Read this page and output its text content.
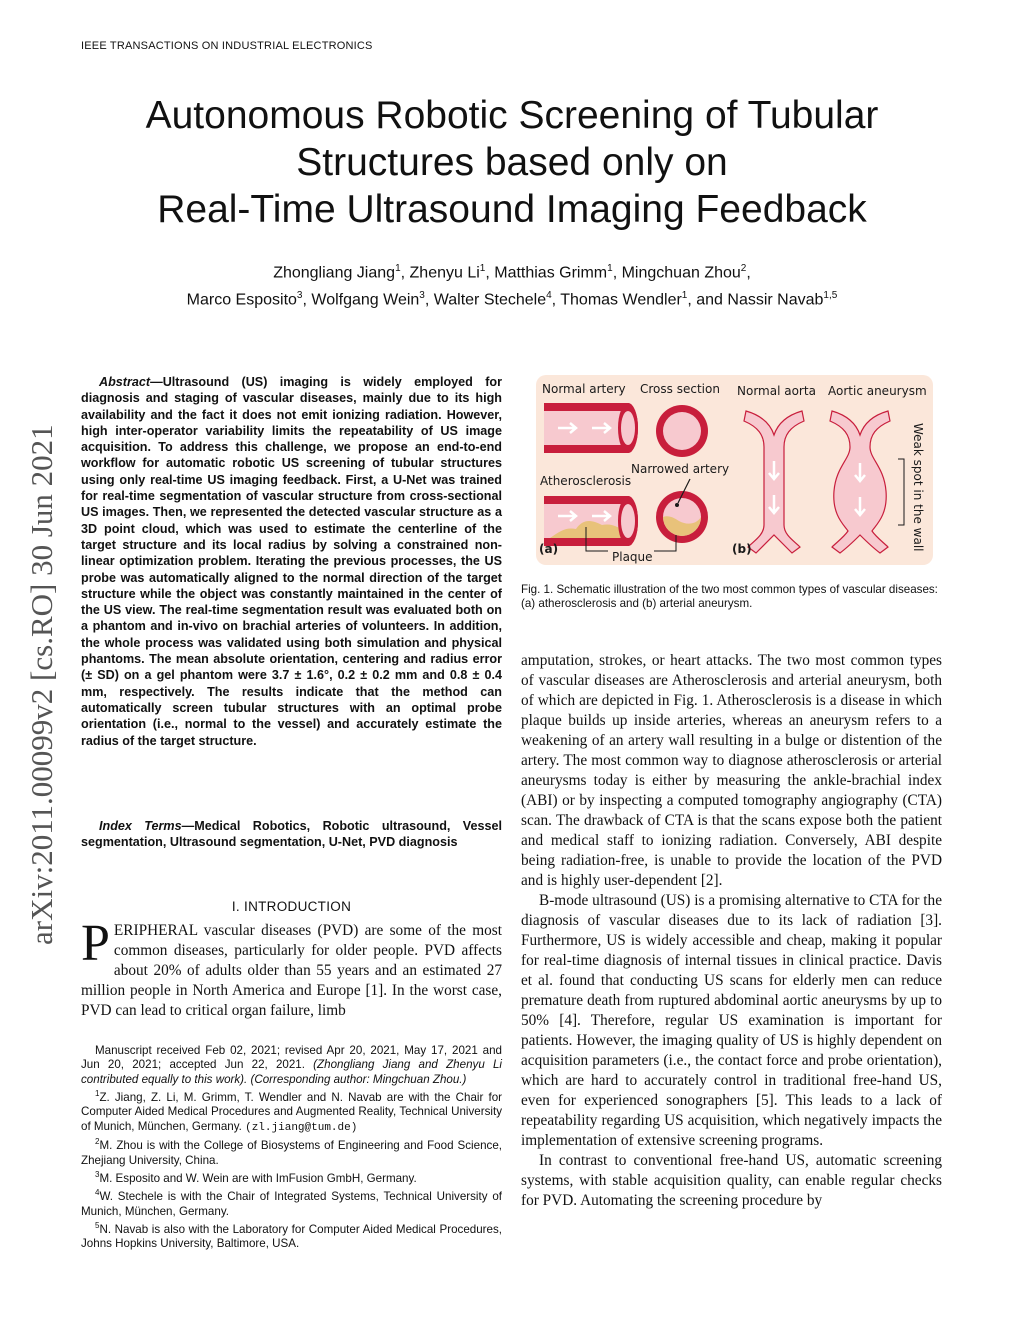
IEEE TRANSACTIONS ON INDUSTRIAL ELECTRONICS
Autonomous Robotic Screening of Tubular
Structures based only on
Real-Time Ultrasound Imaging Feedback
Zhongliang Jiang$^1$, Zhenyu Li$^1$, Matthias Grimm$^1$, Mingchuan Zhou$^2$,
Marco Esposito$^3$, Wolfgang Wein$^3$, Walter Stechele$^4$, Thomas Wendler$^1$, and Nassir Navab$^{1,5}$
arXiv:2011.00099v2 [cs.RO] 30 Jun 2021
Abstract—Ultrasound (US) imaging is widely employed for diagnosis and staging of vascular diseases, mainly due to its high availability and the fact it does not emit ionizing radiation. However, high inter-operator variability limits the repeatability of US image acquisition. To address this challenge, we propose an end-to-end workflow for automatic robotic US screening of tubular structures using only real-time US imaging feedback. First, a U-Net was trained for real-time segmentation of vascular structure from cross-sectional US images. Then, we represented the detected vascular structure as a 3D point cloud, which was used to estimate the centerline of the target structure and its local radius by solving a constrained non-linear optimization problem. Iterating the previous processes, the US probe was automatically aligned to the normal direction of the target structure while the object was constantly maintained in the center of the US view. The real-time segmentation result was evaluated both on a phantom and in-vivo on brachial arteries of volunteers. In addition, the whole process was validated using both simulation and physical phantoms. The mean absolute orientation, centering and radius error (± SD) on a gel phantom were 3.7 ± 1.6°, 0.2 ± 0.2 mm and 0.8 ± 0.4 mm, respectively. The results indicate that the method can automatically screen tubular structures with an optimal probe orientation (i.e., normal to the vessel) and accurately estimate the radius of the target structure.
Index Terms—Medical Robotics, Robotic ultrasound, Vessel segmentation, Ultrasound segmentation, U-Net, PVD diagnosis
I. INTRODUCTION
PERIPHERAL vascular diseases (PVD) are some of the most common diseases, particularly for older people. PVD affects about 20% of adults older than 55 years and an estimated 27 million people in North America and Europe [1]. In the worst case, PVD can lead to critical organ failure, limb

Manuscript received Feb 02, 2021; revised Apr 20, 2021, May 17, 2021 and Jun 20, 2021; accepted Jun 22, 2021. (Zhongliang Jiang and Zhenyu Li contributed equally to this work). (Corresponding author: Mingchuan Zhou.)

$^1$Z. Jiang, Z. Li, M. Grimm, T. Wendler and N. Navab are with the Chair for Computer Aided Medical Procedures and Augmented Reality, Technical University of Munich, München, Germany. (zl.jiang@tum.de)

$^2$M. Zhou is with the College of Biosystems of Engineering and Food Science, Zhejiang University, China.

$^3$M. Esposito and W. Wein are with ImFusion GmbH, Germany.

$^4$W. Stechele is with the Chair of Integrated Systems, Technical University of Munich, München, Germany.

$^5$N. Navab is also with the Laboratory for Computer Aided Medical Procedures, Johns Hopkins University, Baltimore, USA.

Normal artery Cross section
Atherosclerosis
Narrowed artery
Plaque
(a)
Normal aorta Aortic aneurysm
Weak spot in the wall
(b)
Fig. 1. Schematic illustration of the two most common types of vascular diseases: (a) atherosclerosis and (b) arterial aneurysm.

amputation, strokes, or heart attacks. The two most common types of vascular diseases are Atherosclerosis and arterial aneurysm, both of which are depicted in Fig. 1. Atherosclerosis is a disease in which plaque builds up inside arteries, whereas an aneurysm refers to a weakening of an artery wall resulting in a bulge or distention of the artery. The most common way to diagnose atherosclerosis or arterial aneurysms today is either by measuring the ankle-brachial index (ABI) or by inspecting a computed tomography angiography (CTA) scan. The drawback of CTA is that the scans expose both the patient and medical staff to ionizing radiation. Conversely, ABI despite being radiation-free, is unable to provide the location of the PVD and is highly user-dependent [2].

B-mode ultrasound (US) is a promising alternative to CTA for the diagnosis of vascular diseases due to its lack of radiation [3]. Furthermore, US is widely accessible and cheap, making it popular for real-time diagnosis of internal tissues in clinical practice. Davis et al. found that conducting US scans for elderly men can reduce premature death from ruptured abdominal aortic aneurysms by up to 50% [4]. Therefore, regular US examination is important for patients. However, the imaging quality of US is highly dependent on acquisition parameters (i.e., the contact force and probe orientation), which are hard to accurately control in traditional free-hand US, even for experienced sonographers [5]. This leads to a lack of repeatability regarding US acquisition, which negatively impacts the implementation of extensive screening programs.

In contrast to conventional free-hand US, automatic screening systems, with stable acquisition quality, can enable regular checks for PVD. Automating the screening procedure by
